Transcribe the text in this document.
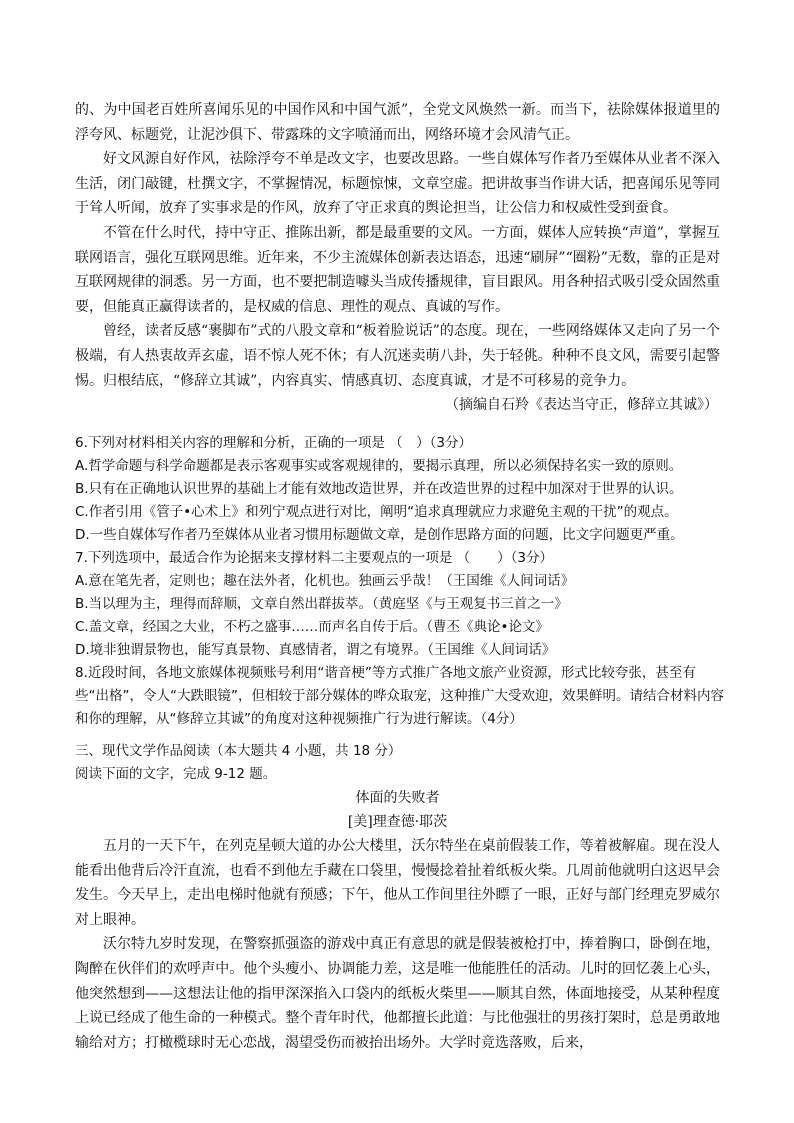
的、为中国老百姓所喜闻乐见的中国作风和中国气派”，全党文风焕然一新。而当下，祛除媒体报道里的浮夸风、标题党，让泥沙俱下、带露珠的文字喷涌而出，网络环境才会风清气正。

好文风源自好作风，祛除浮夸不单是改文字，也要改思路。一些自媒体写作者乃至媒体从业者不深入生活，闭门敲键，杜撰文字，不掌握情况，标题惊悚，文章空虚。把讲故事当作讲大话，把喜闻乐见等同于耸人听闻，放弃了实事求是的作风，放弃了守正求真的舆论担当，让公信力和权威性受到蚕食。

不管在什么时代，持中守正、推陈出新，都是最重要的文风。一方面，媒体人应转换“声道”，掌握互联网语言，强化互联网思维。近年来，不少主流媒体创新表达语态，迅速“刷屏”“圈粉”无数，靠的正是对互联网规律的洞悉。另一方面，也不要把制造噱头当成传播规律，盲目跟风。用各种招式吸引受众固然重要，但能真正赢得读者的，是权威的信息、理性的观点、真诚的写作。

曾经，读者反感“裹脚布”式的八股文章和“板着脸说话”的态度。现在，一些网络媒体又走向了另一个极端，有人热衷故弄玄虚，语不惊人死不休；有人沉迷卖萌八卦，失于轻佻。种种不良文风，需要引起警惕。归根结底，“修辞立其诚”，内容真实、情感真切、态度真诚，才是不可移易的竞争力。

（摘编自石羚《表达当守正，修辞立其诚》）

6.下列对材料相关内容的理解和分析，正确的一项是 （　）（3分）

A.哲学命题与科学命题都是表示客观事实或客观规律的，要揭示真理，所以必须保持名实一致的原则。

B.只有在正确地认识世界的基础上才能有效地改造世界，并在改造世界的过程中加深对于世界的认识。

C.作者引用《管子•心术上》和列宁观点进行对比，阐明“追求真理就应力求避免主观的干扰”的观点。

D.一些自媒体写作者乃至媒体从业者习惯用标题做文章，是创作思路方面的问题，比文字问题更严重。

7.下列选项中，最适合作为论据来支撑材料二主要观点的一项是 （　　）（3分）

A.意在笔先者，定则也；趣在法外者，化机也。独画云乎哉！（王国维《人间词话》

B.当以理为主，理得而辞顺，文章自然出群拔萃。（黄庭坚《与王观复书三首之一》

C.盖文章，经国之大业，不朽之盛事……而声名自传于后。（曹丕《典论•论文》

D.境非独谓景物也，能写真景物、真感情者，谓之有境界。（王国维《人间词话》

8.近段时间，各地文旅媒体视频账号利用“谐音梗”等方式推广各地文旅产业资源，形式比较夸张，甚至有些“出格”，令人“大跌眼镜”，但相较于部分媒体的哗众取宠，这种推广大受欢迎，效果鲜明。请结合材料内容和你的理解，从“修辞立其诚”的角度对这种视频推广行为进行解读。（4分）

三、现代文学作品阅读（本大题共 4 小题，共 18 分）

阅读下面的文字，完成 9-12 题。

体面的失败者

[美]理查德·耶茨

五月的一天下午，在列克星顿大道的办公大楼里，沃尔特坐在桌前假装工作，等着被解雇。现在没人能看出他背后冷汗直流，也看不到他左手藏在口袋里，慢慢捻着扯着纸板火柴。几周前他就明白这迟早会发生。今天早上，走出电梯时他就有预感；下午，他从工作间里往外瞟了一眼，正好与部门经理克罗威尔对上眼神。

沃尔特九岁时发现，在警察抓强盗的游戏中真正有意思的就是假装被枪打中，捧着胸口，卧倒在地，陶醉在伙伴们的欢呼声中。他个头瘦小、协调能力差，这是唯一他能胜任的活动。儿时的回忆袭上心头，他突然想到——这想法让他的指甲深深掐入口袋内的纸板火柴里——顺其自然，体面地接受，从某种程度上说已经成了他生命的一种模式。整个青年时代，他都擅长此道：与比他强壮的男孩打架时，总是勇敢地输给对方；打橄榄球时无心恋战，渴望受伤而被抬出场外。大学时竞选落败，后来，
